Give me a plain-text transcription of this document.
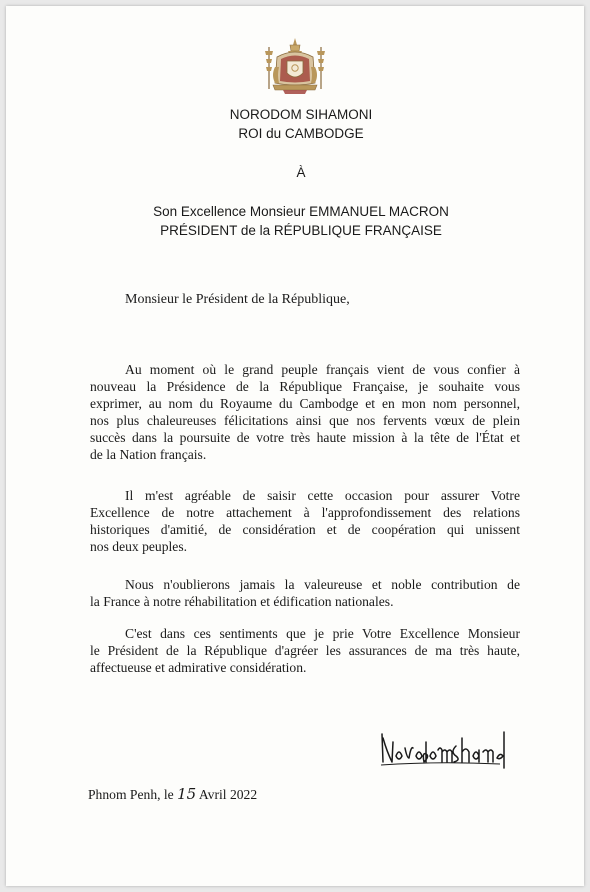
NORODOM SIHAMONI
ROI du CAMBODGE
À
Son Excellence Monsieur EMMANUEL MACRON
PRÉSIDENT de la RÉPUBLIQUE FRANÇAISE
Monsieur le Président de la République,
Au moment où le grand peuple français vient de vous confier à
nouveau la Présidence de la République Française, je souhaite vous
exprimer, au nom du Royaume du Cambodge et en mon nom personnel,
nos plus chaleureuses félicitations ainsi que nos fervents vœux de plein
succès dans la poursuite de votre très haute mission à la tête de l'État et
de la Nation français.
Il m'est agréable de saisir cette occasion pour assurer Votre
Excellence de notre attachement à l'approfondissement des relations
historiques d'amitié, de considération et de coopération qui unissent
nos deux peuples.
Nous n'oublierons jamais la valeureuse et noble contribution de
la France à notre réhabilitation et édification nationales.
C'est dans ces sentiments que je prie Votre Excellence Monsieur
le Président de la République d'agréer les assurances de ma très haute,
affectueuse et admirative considération.
Phnom Penh, le 15 Avril 2022
